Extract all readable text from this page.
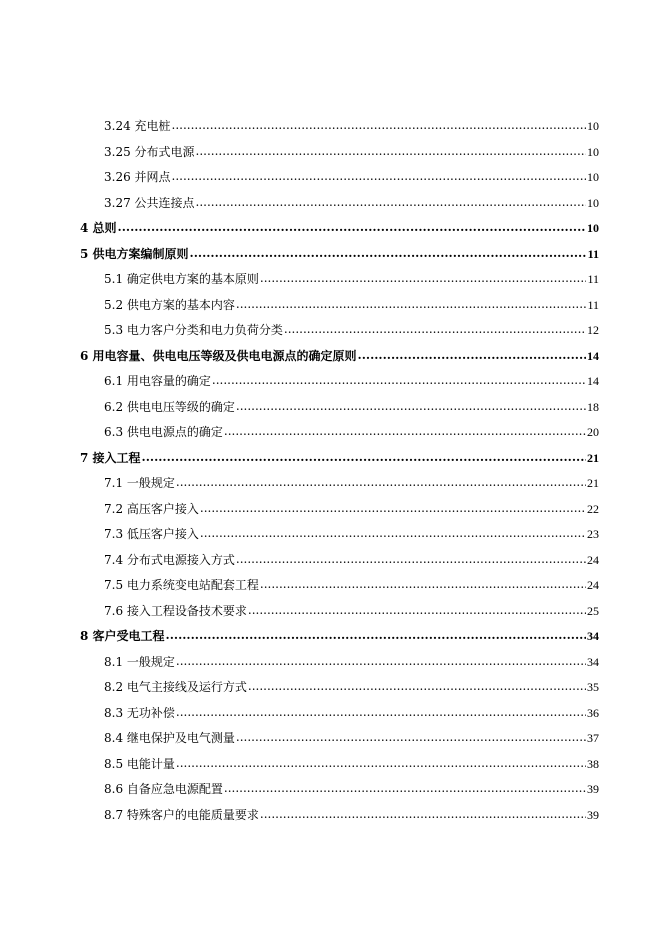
3.24 充电桩 .....	10
3.25 分布式电源 .....	10
3.26 并网点 .....	10
3.27 公共连接点 .....	10
4 总则 .....	10
5 供电方案编制原则 .....	11
5.1 确定供电方案的基本原则 .....	11
5.2 供电方案的基本内容 .....	11
5.3 电力客户分类和电力负荷分类 .....	12
6 用电容量、供电电压等级及供电电源点的确定原则 .....	14
6.1 用电容量的确定 .....	14
6.2 供电电压等级的确定 .....	18
6.3 供电电源点的确定 .....	20
7 接入工程 .....	21
7.1 一般规定 .....	21
7.2 高压客户接入 .....	22
7.3 低压客户接入 .....	23
7.4 分布式电源接入方式 .....	24
7.5 电力系统变电站配套工程 .....	24
7.6 接入工程设备技术要求 .....	25
8 客户受电工程 .....	34
8.1 一般规定 .....	34
8.2 电气主接线及运行方式 .....	35
8.3 无功补偿 .....	36
8.4 继电保护及电气测量 .....	37
8.5 电能计量 .....	38
8.6 自备应急电源配置 .....	39
8.7 特殊客户的电能质量要求 .....	39
